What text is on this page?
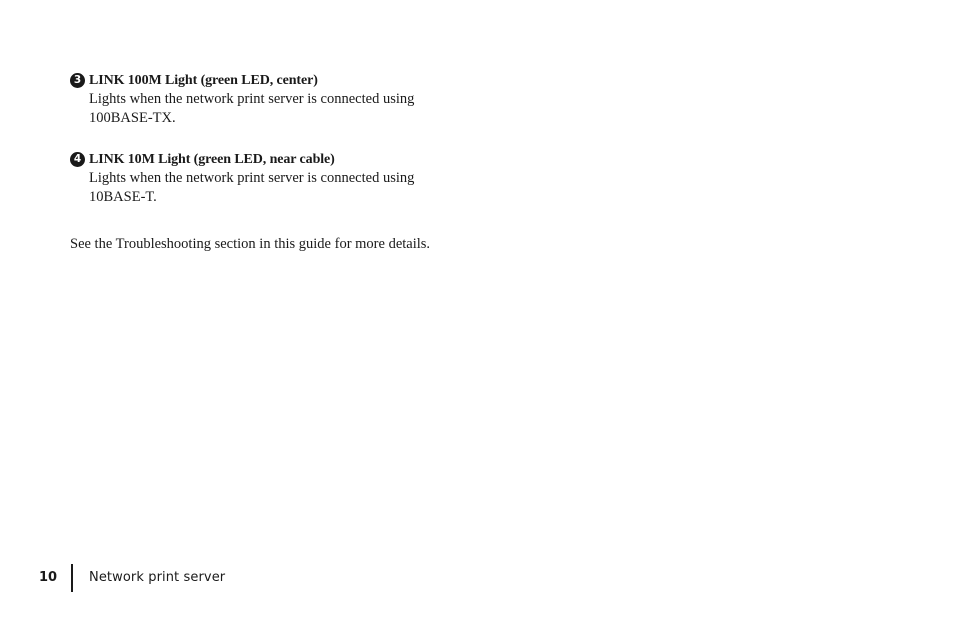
3 LINK 100M Light (green LED, center)
Lights when the network print server is connected using
100BASE-TX.
4 LINK 10M Light (green LED, near cable)
Lights when the network print server is connected using
10BASE-T.
See the Troubleshooting section in this guide for more details.
10 Network print server
